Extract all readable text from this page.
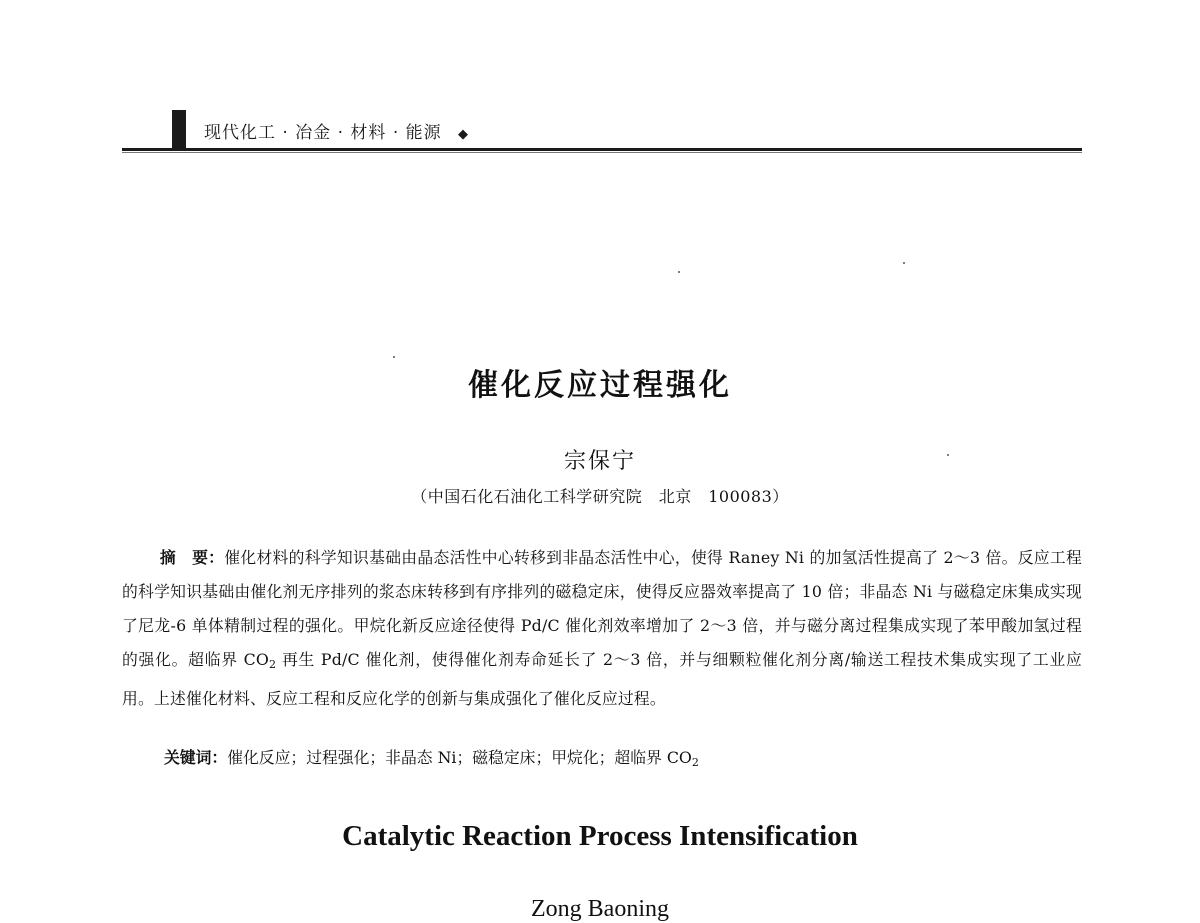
现代化工 · 冶金 · 材料 · 能源 ◆
催化反应过程强化
宗保宁
（中国石化石油化工科学研究院　北京　100083）
摘　要：催化材料的科学知识基础由晶态活性中心转移到非晶态活性中心，使得 Raney Ni 的加氢活性提高了 2～3 倍。反应工程的科学知识基础由催化剂无序排列的浆态床转移到有序排列的磁稳定床，使得反应器效率提高了 10 倍；非晶态 Ni 与磁稳定床集成实现了尼龙-6 单体精制过程的强化。甲烷化新反应途径使得 Pd/C 催化剂效率增加了 2～3 倍，并与磁分离过程集成实现了苯甲酸加氢过程的强化。超临界 $CO_2$ 再生 Pd/C 催化剂，使得催化剂寿命延长了 2～3 倍，并与细颗粒催化剂分离/输送工程技术集成实现了工业应用。上述催化材料、反应工程和反应化学的创新与集成强化了催化反应过程。
关键词：催化反应；过程强化；非晶态 Ni；磁稳定床；甲烷化；超临界 $CO_2$
Catalytic Reaction Process Intensification
Zong Baoning
